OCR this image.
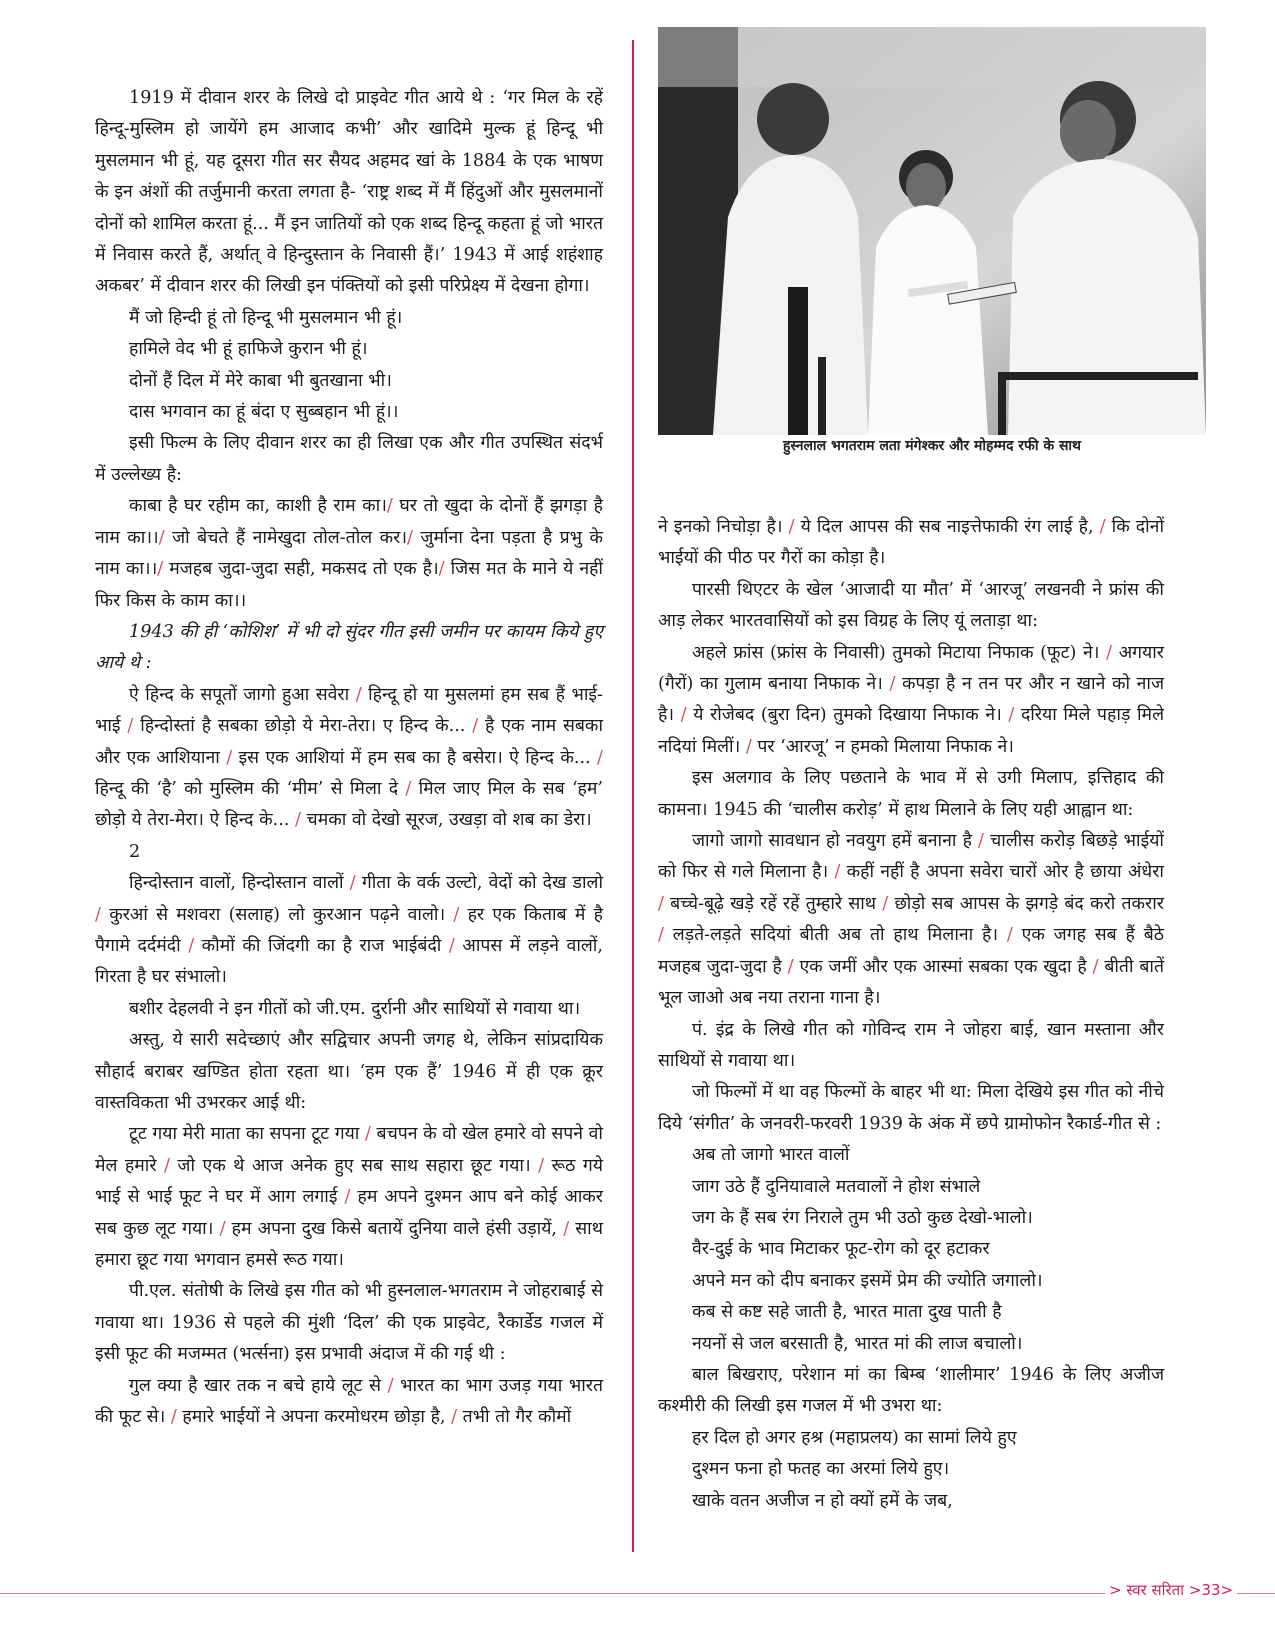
1919 में दीवान शरर के लिखे दो प्राइवेट गीत आये थे : ‘गर मिल के रहें हिन्दू-मुस्लिम हो जायेंगे हम आजाद कभी’ और खादिमे मुल्क हूं हिन्दू भी मुसलमान भी हूं, यह दूसरा गीत सर सैयद अहमद खां के 1884 के एक भाषण के इन अंशों की तर्जुमानी करता लगता है- ‘राष्ट्र शब्द में मैं हिंदुओं और मुसलमानों दोनों को शामिल करता हूं... मैं इन जातियों को एक शब्द हिन्दू कहता हूं जो भारत में निवास करते हैं, अर्थात् वे हिन्दुस्तान के निवासी हैं।’ 1943 में आई शहंशाह अकबर’ में दीवान शरर की लिखी इन पंक्तियों को इसी परिप्रेक्ष्य में देखना होगा।

मैं जो हिन्दी हूं तो हिन्दू भी मुसलमान भी हूं।

हामिले वेद भी हूं हाफिजे कुरान भी हूं।

दोनों हैं दिल में मेरे काबा भी बुतखाना भी।

दास भगवान का हूं बंदा ए सुब्बहान भी हूं।।

इसी फिल्म के लिए दीवान शरर का ही लिखा एक और गीत उपस्थित संदर्भ में उल्लेख्य है:

काबा है घर रहीम का, काशी है राम का।/ घर तो खुदा के दोनों हैं झगड़ा है नाम का।।/ जो बेचते हैं नामेखुदा तोल-तोल कर।/ जुर्माना देना पड़ता है प्रभु के नाम का।।/ मजहब जुदा-जुदा सही, मकसद तो एक है।/ जिस मत के माने ये नहीं फिर किस के काम का।।

1943 की ही ‘कोशिश’ में भी दो सुंदर गीत इसी जमीन पर कायम किये हुए आये थे :

ऐ हिन्द के सपूतों जागो हुआ सवेरा / हिन्दू हो या मुसलमां हम सब हैं भाई-भाई / हिन्दोस्तां है सबका छोड़ो ये मेरा-तेरा। ए हिन्द के... / है एक नाम सबका और एक आशियाना / इस एक आशियां में हम सब का है बसेरा। ऐ हिन्द के... / हिन्दू की ‘है’ को मुस्लिम की ‘मीम’ से मिला दे / मिल जाए मिल के सब ‘हम’ छोड़ो ये तेरा-मेरा। ऐ हिन्द के... / चमका वो देखो सूरज, उखड़ा वो शब का डेरा।

2

हिन्दोस्तान वालों, हिन्दोस्तान वालों / गीता के वर्क उल्टो, वेदों को देख डालो / कुरआं से मशवरा (सलाह) लो कुरआन पढ़ने वालो। / हर एक किताब में है पैगामे दर्दमंदी / कौमों की जिंदगी का है राज भाईबंदी / आपस में लड़ने वालों, गिरता है घर संभालो।

बशीर देहलवी ने इन गीतों को जी.एम. दुर्रानी और साथियों से गवाया था।

अस्तु, ये सारी सदेच्छाएं और सद्विचार अपनी जगह थे, लेकिन सांप्रदायिक सौहार्द बराबर खण्डित होता रहता था। ‘हम एक हैं’ 1946 में ही एक क्रूर वास्तविकता भी उभरकर आई थी:

टूट गया मेरी माता का सपना टूट गया / बचपन के वो खेल हमारे वो सपने वो मेल हमारे / जो एक थे आज अनेक हुए सब साथ सहारा छूट गया। / रूठ गये भाई से भाई फूट ने घर में आग लगाई / हम अपने दुश्मन आप बने कोई आकर सब कुछ लूट गया। / हम अपना दुख किसे बतायें दुनिया वाले हंसी उड़ायें, / साथ हमारा छूट गया भगवान हमसे रूठ गया।

पी.एल. संतोषी के लिखे इस गीत को भी हुस्नलाल-भगतराम ने जोहराबाई से गवाया था। 1936 से पहले की मुंशी ‘दिल’ की एक प्राइवेट, रैकार्डेड गजल में इसी फूट की मजम्मत (भर्त्सना) इस प्रभावी अंदाज में की गई थी :

गुल क्या है खार तक न बचे हाये लूट से / भारत का भाग उजड़ गया भारत की फूट से। / हमारे भाईयों ने अपना करमोधरम छोड़ा है, / तभी तो गैर कौमों

हुस्नलाल भगतराम लता मंगेश्कर और मोहम्मद रफी के साथ

ने इनको निचोड़ा है। / ये दिल आपस की सब नाइत्तेफाकी रंग लाई है, / कि दोनों भाईयों की पीठ पर गैरों का कोड़ा है।

पारसी थिएटर के खेल ‘आजादी या मौत’ में ‘आरजू’ लखनवी ने फ्रांस की आड़ लेकर भारतवासियों को इस विग्रह के लिए यूं लताड़ा था:

अहले फ्रांस (फ्रांस के निवासी) तुमको मिटाया निफाक (फूट) ने। / अगयार (गैरों) का गुलाम बनाया निफाक ने। / कपड़ा है न तन पर और न खाने को नाज है। / ये रोजेबद (बुरा दिन) तुमको दिखाया निफाक ने। / दरिया मिले पहाड़ मिले नदियां मिलीं। / पर ‘आरजू’ न हमको मिलाया निफाक ने।

इस अलगाव के लिए पछताने के भाव में से उगी मिलाप, इत्तिहाद की कामना। 1945 की ‘चालीस करोड़’ में हाथ मिलाने के लिए यही आह्वान था:

जागो जागो सावधान हो नवयुग हमें बनाना है / चालीस करोड़ बिछड़े भाईयों को फिर से गले मिलाना है। / कहीं नहीं है अपना सवेरा चारों ओर है छाया अंधेरा / बच्चे-बूढ़े खड़े रहें रहें तुम्हारे साथ / छोड़ो सब आपस के झगड़े बंद करो तकरार / लड़ते-लड़ते सदियां बीती अब तो हाथ मिलाना है। / एक जगह सब हैं बैठे मजहब जुदा-जुदा है / एक जमीं और एक आस्मां सबका एक खुदा है / बीती बातें भूल जाओ अब नया तराना गाना है।

पं. इंद्र के लिखे गीत को गोविन्द राम ने जोहरा बाई, खान मस्ताना और साथियों से गवाया था।

जो फिल्मों में था वह फिल्मों के बाहर भी था: मिला देखिये इस गीत को नीचे दिये ‘संगीत’ के जनवरी-फरवरी 1939 के अंक में छपे ग्रामोफोन रैकार्ड-गीत से :

अब तो जागो भारत वालों

जाग उठे हैं दुनियावाले मतवालों ने होश संभाले

जग के हैं सब रंग निराले तुम भी उठो कुछ देखो-भालो।

वैर-दुई के भाव मिटाकर फूट-रोग को दूर हटाकर

अपने मन को दीप बनाकर इसमें प्रेम की ज्योति जगालो।

कब से कष्ट सहे जाती है, भारत माता दुख पाती है

नयनों से जल बरसाती है, भारत मां की लाज बचालो।

बाल बिखराए, परेशान मां का बिम्ब ‘शालीमार’ 1946 के लिए अजीज कश्मीरी की लिखी इस गजल में भी उभरा था:

हर दिल हो अगर हश्र (महाप्रलय) का सामां लिये हुए

दुश्मन फना हो फतह का अरमां लिये हुए।

खाके वतन अजीज न हो क्यों हमें के जब,

> स्वर सरिता >33>
